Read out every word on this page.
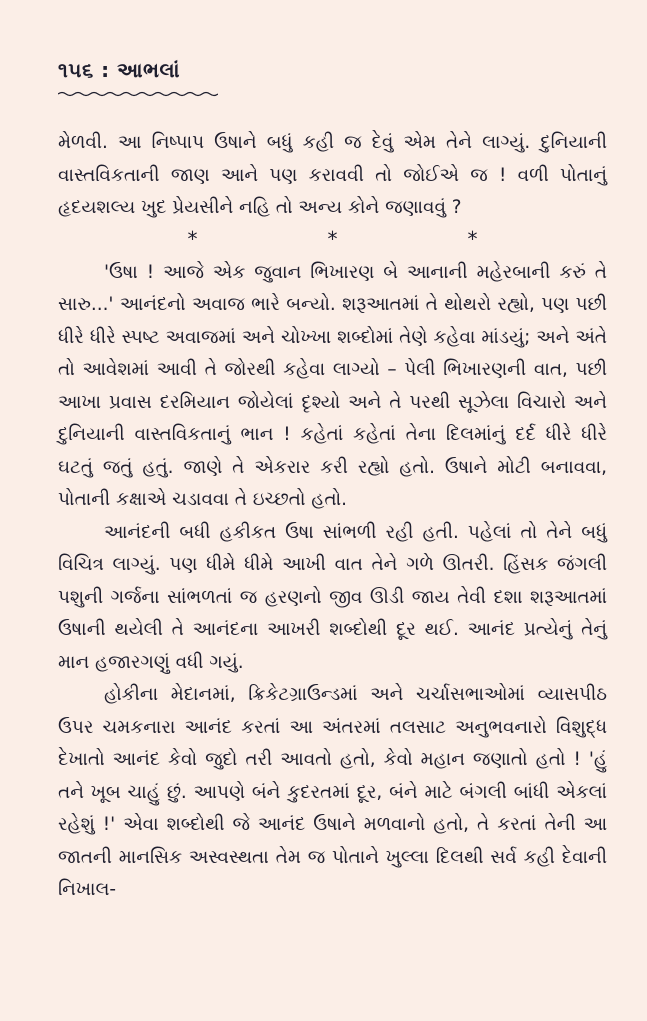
૧૫૬ : આભલાં

મેળવી. આ નિષ્પાપ ઉષાને બધું કહી જ દેવું એમ તેને લાગ્યું. દુનિયાની વાસ્તવિકતાની જાણ આને પણ કરાવવી તો જોઈએ જ ! વળી પોતાનું હૃદયશલ્ય ખુદ પ્રેયસીને નહિ તો અન્ય કોને જણાવવું ?

*	*	*

'ઉષા ! આજે એક જુવાન ભિખારણ બે આનાની મહેરબાની કરું તે સારુ...' આનંદનો અવાજ ભારે બન્યો. શરૂઆતમાં તે થોથરો રહ્યો, પણ પછી ધીરે ધીરે સ્પષ્ટ અવાજમાં અને ચોખ્ખા શબ્દોમાં તેણે કહેવા માંડયું; અને અંતે તો આવેશમાં આવી તે જોરથી કહેવા લાગ્યો – પેલી ભિખારણની વાત, પછી આખા પ્રવાસ દરમિયાન જોયેલાં દૃશ્યો અને તે પરથી સૂઝેલા વિચારો અને દુનિયાની વાસ્તવિકતાનું ભાન ! કહેતાં કહેતાં તેના દિલમાંનું દર્દ ધીરે ધીરે ઘટતું જતું હતું. જાણે તે એકરાર કરી રહ્યો હતો. ઉષાને મોટી બનાવવા, પોતાની કક્ષાએ ચડાવવા તે ઇચ્છતો હતો.

આનંદની બધી હકીકત ઉષા સાંભળી રહી હતી. પહેલાં તો તેને બધું વિચિત્ર લાગ્યું. પણ ધીમે ધીમે આખી વાત તેને ગળે ઊતરી. હિંસક જંગલી પશુની ગર્જના સાંભળતાં જ હરણનો જીવ ઊડી જાય તેવી દશા શરૂઆતમાં ઉષાની થયેલી તે આનંદના આખરી શબ્દોથી દૂર થઈ. આનંદ પ્રત્યેનું તેનું માન હજારગણું વધી ગયું.

હોકીના મેદાનમાં, ક્રિકેટગ્રાઉન્ડમાં અને ચર્ચાસભાઓમાં વ્યાસપીઠ ઉપર ચમકનારા આનંદ કરતાં આ અંતરમાં તલસાટ અનુભવનારો વિશુદ્ધ દેખાતો આનંદ કેવો જુદો તરી આવતો હતો, કેવો મહાન જણાતો હતો ! 'હું તને ખૂબ ચાહું છું. આપણે બંને કુદરતમાં દૂર, બંને માટે બંગલી બાંધી એકલાં રહેશું !' એવા શબ્દોથી જે આનંદ ઉષાને મળવાનો હતો, તે કરતાં તેની આ જાતની માનસિક અસ્વસ્થતા તેમ જ પોતાને ખુલ્લા દિલથી સર્વ કહી દેવાની નિખાલ-
